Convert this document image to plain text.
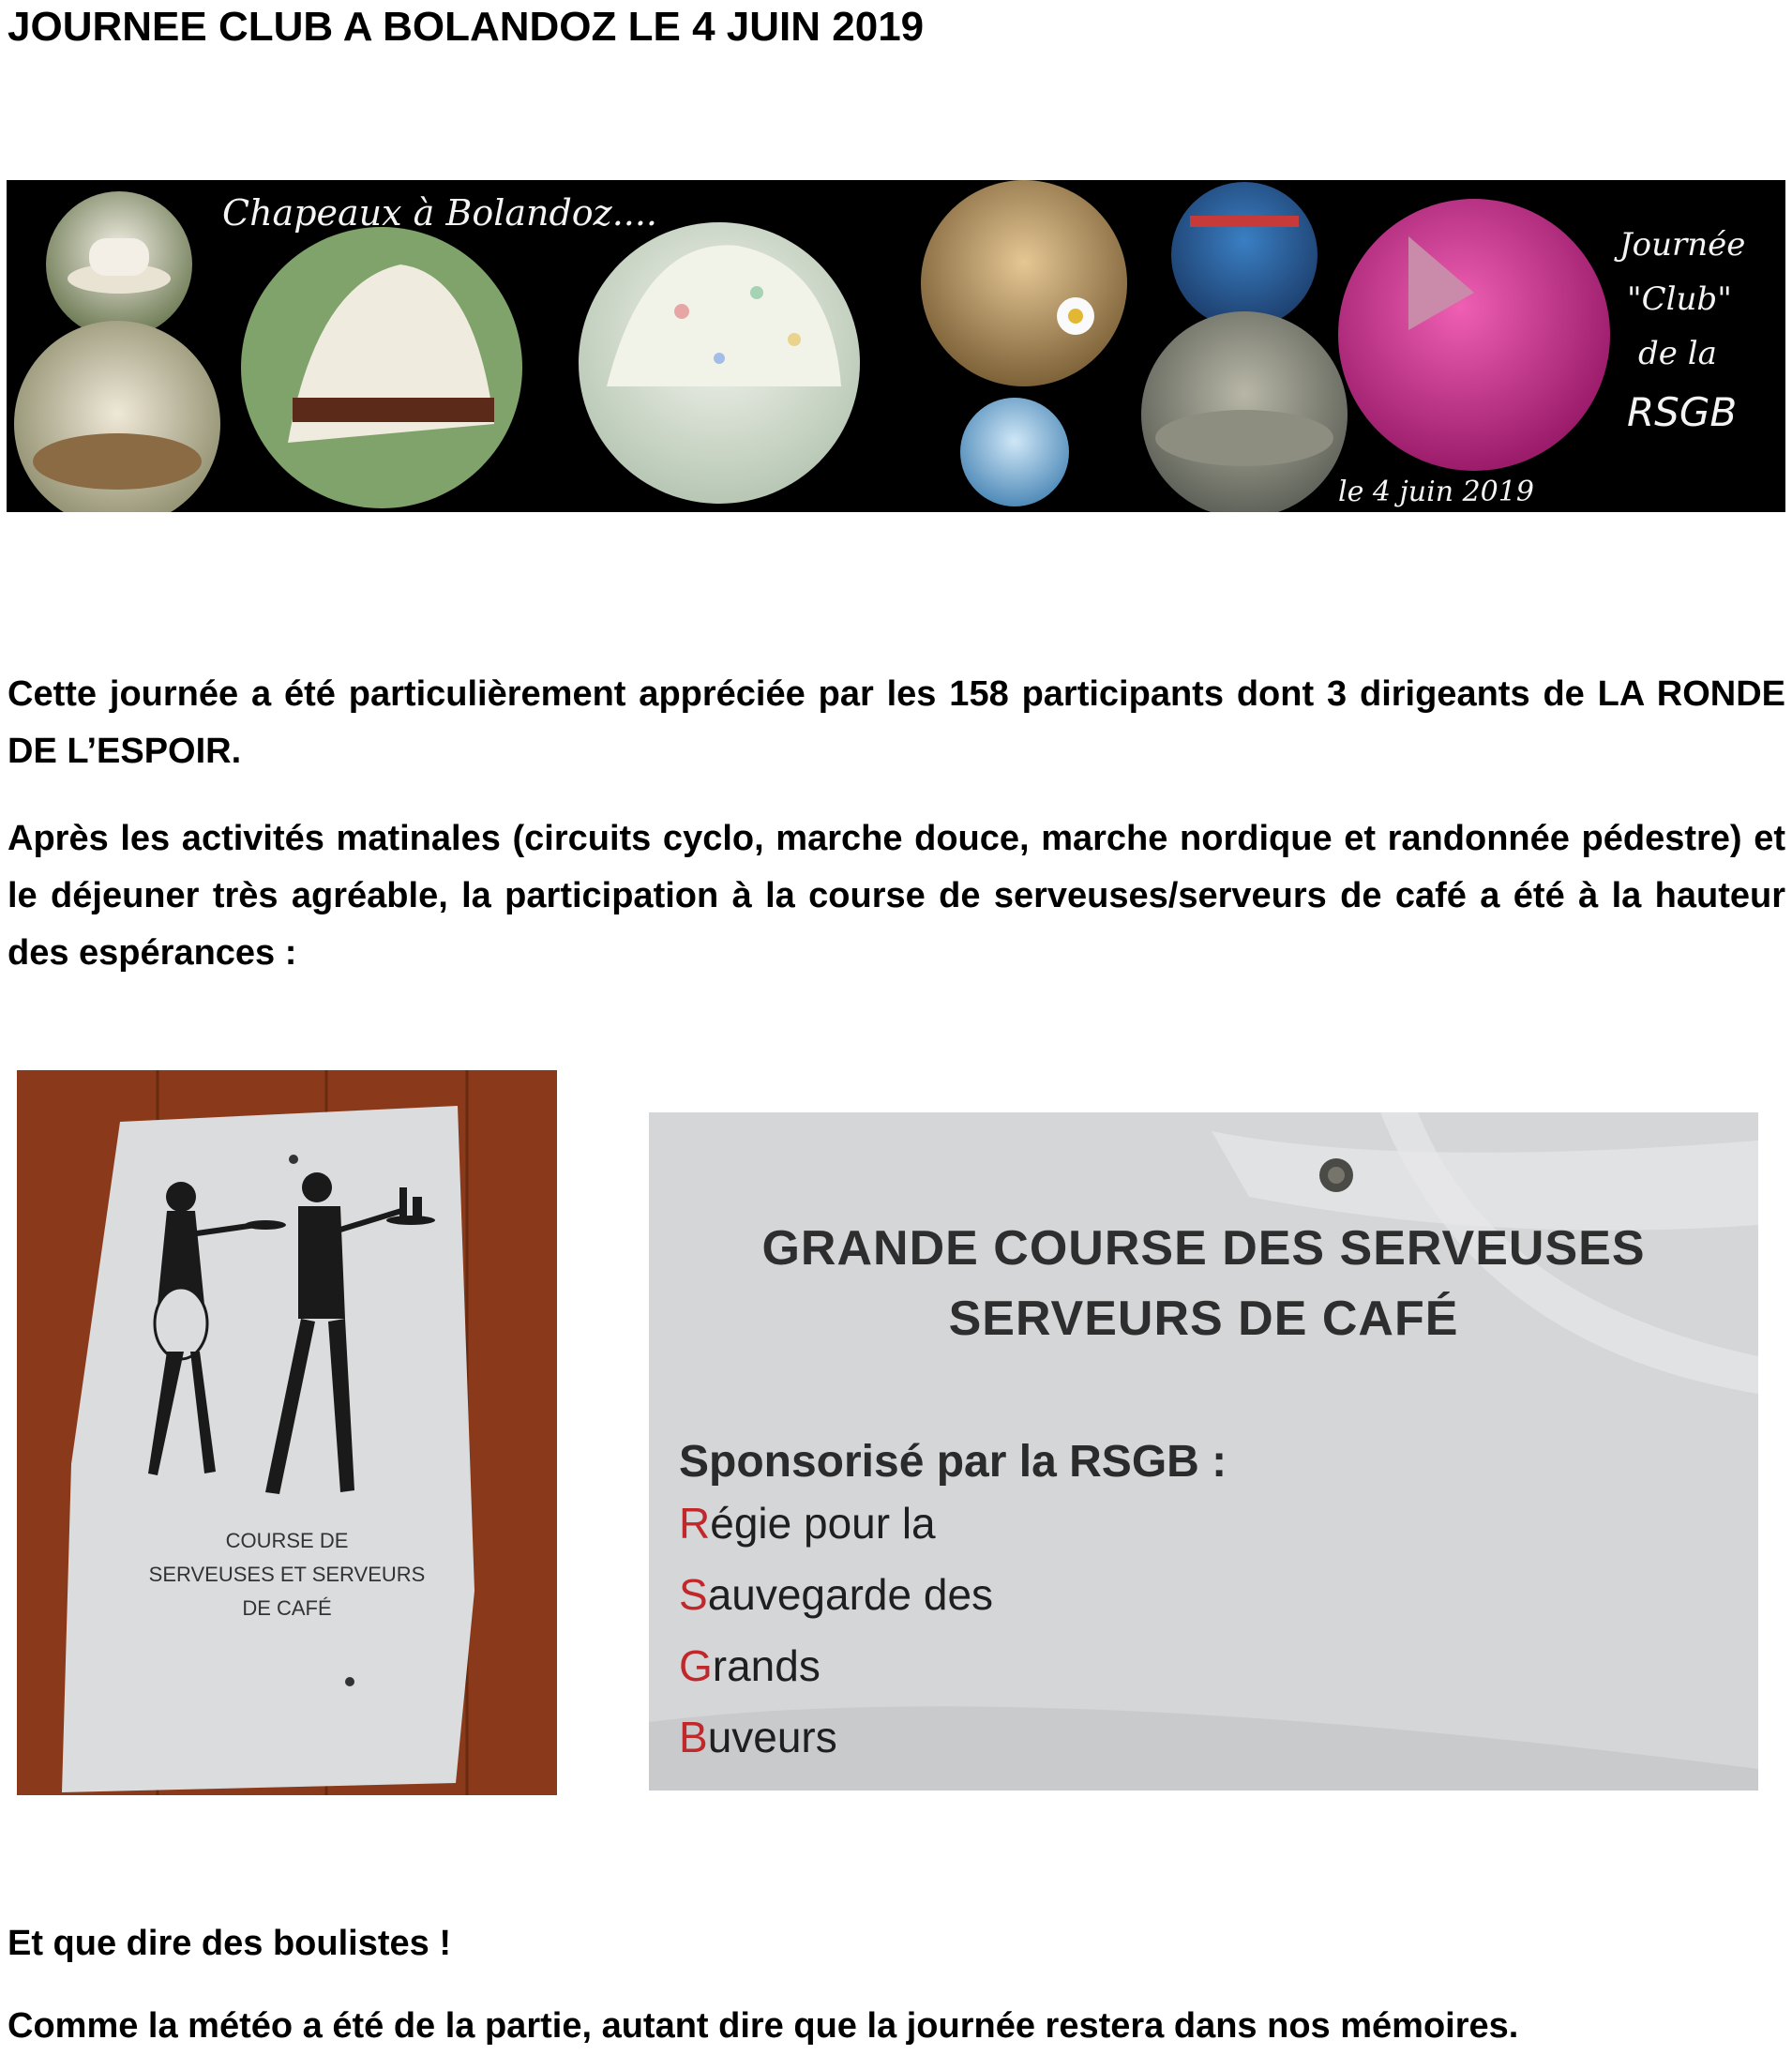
JOURNEE CLUB A BOLANDOZ LE 4 JUIN 2019
Chapeaux à Bolandoz....
Journée
"Club"
de la
RSGB
le 4 juin 2019

Cette journée a été particulièrement appréciée par les 158 participants dont 3 dirigeants de LA RONDE DE L’ESPOIR.

Après les activités matinales (circuits cyclo, marche douce, marche nordique et randonnée pédestre) et le déjeuner très agréable, la participation à la course de serveuses/serveurs de café a été à la hauteur des espérances :

COURSE DE
SERVEUSES ET SERVEURS
DE CAFÉ
GRANDE COURSE DES SERVEUSES
SERVEURS DE CAFÉ
Sponsorisé par la RSGB :
Régie pour la
Sauvegarde des
Grands
Buveurs

Et que dire des boulistes !

Comme la météo a été de la partie, autant dire que la journée restera dans nos mémoires.
